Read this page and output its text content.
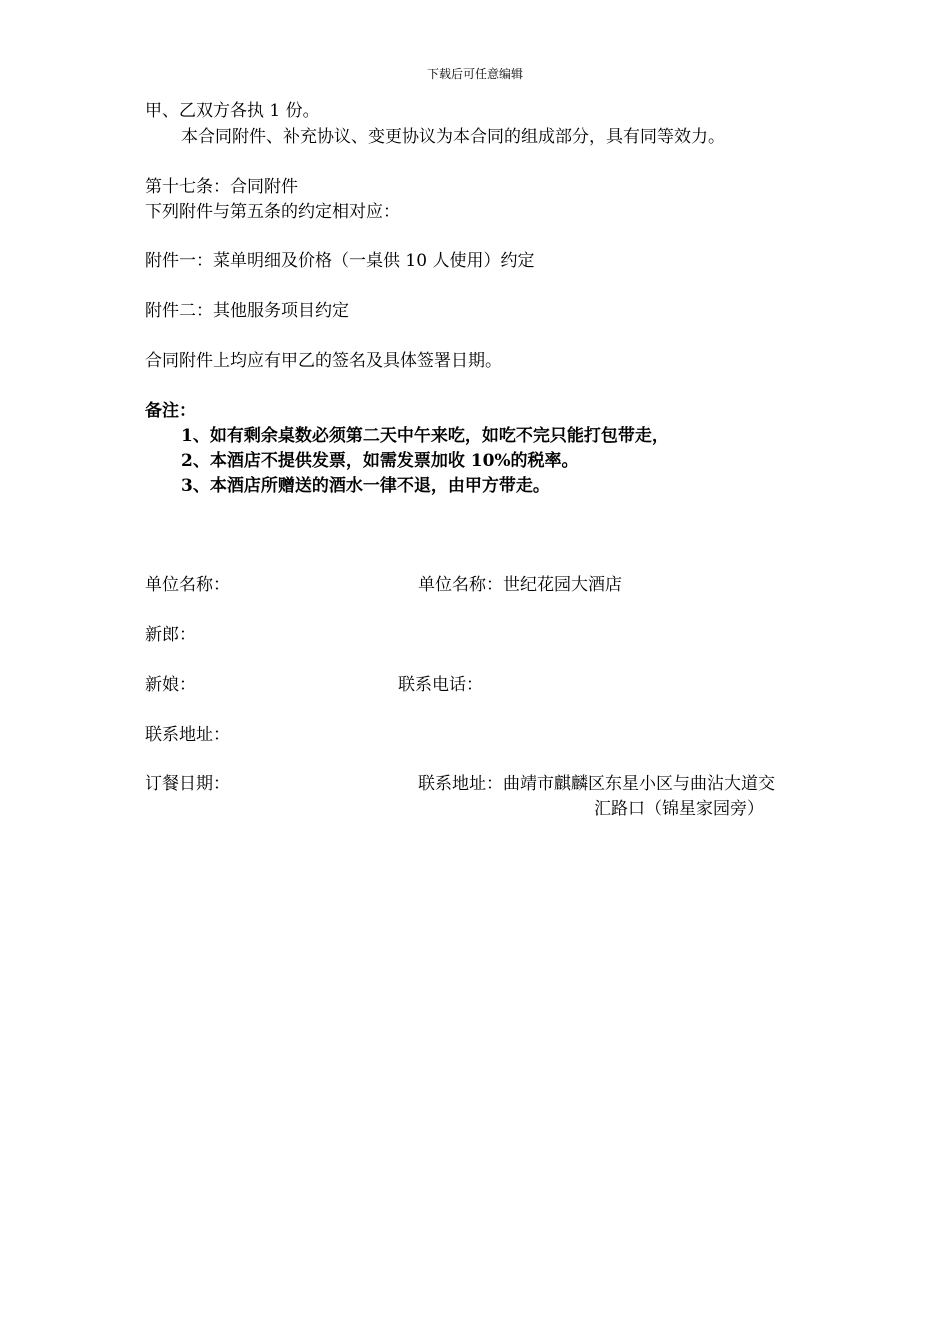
下载后可任意编辑
甲、乙双方各执 1 份。
本合同附件、补充协议、变更协议为本合同的组成部分，具有同等效力。
第十七条：合同附件
下列附件与第五条的约定相对应：
附件一：菜单明细及价格（一桌供 10 人使用）约定
附件二：其他服务项目约定
合同附件上均应有甲乙的签名及具体签署日期。
备注：
1、如有剩余桌数必须第二天中午来吃，如吃不完只能打包带走，
2、本酒店不提供发票，如需发票加收 10%的税率。
3、本酒店所赠送的酒水一律不退，由甲方带走。
单位名称：	单位名称：世纪花园大酒店
新郎：
新娘：	联系电话：
联系地址：
订餐日期：	联系地址：曲靖市麒麟区东星小区与曲沾大道交
汇路口（锦星家园旁）
